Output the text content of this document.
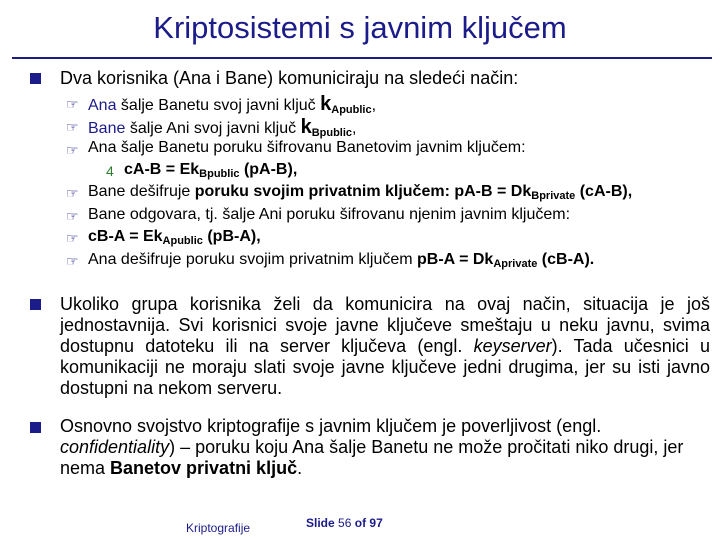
Kriptosistemi s javnim ključem
Dva korisnika (Ana i Bane) komuniciraju na sledeći način:
☞ Ana šalje Banetu svoj javni ključ $k_{Apublic}$,
☞ Bane šalje Ani svoj javni ključ $k_{Bpublic}$,
☞ Ana šalje Banetu poruku šifrovanu Banetovim javnim ključem:
4 $cA-B = Ek_{Bpublic}$ (pA-B),
☞ Bane dešifruje poruku svojim privatnim ključem: $pA-B = Dk_{Bprivate}$ (cA-B),
☞ Bane odgovara, tj. šalje Ani poruku šifrovanu njenim javnim ključem:
☞ $cB-A = Ek_{Apublic}$ (pB-A),
☞ Ana dešifruje poruku svojim privatnim ključem $pB-A = Dk_{Aprivate}$ (cB-A).
Ukoliko grupa korisnika želi da komunicira na ovaj način, situacija je još jednostavnija. Svi korisnici svoje javne ključeve smeštaju u neku javnu, svima dostupnu datoteku ili na server ključeva (engl. keyserver). Tada učesnici u komunikaciji ne moraju slati svoje javne ključeve jedni drugima, jer su isti javno dostupni na nekom serveru.
Osnovno svojstvo kriptografije s javnim ključem je poverljivost (engl. confidentiality) – poruku koju Ana šalje Banetu ne može pročitati niko drugi, jer nema Banetov privatni ključ.
Kriptografije	Slide 56 of 97
